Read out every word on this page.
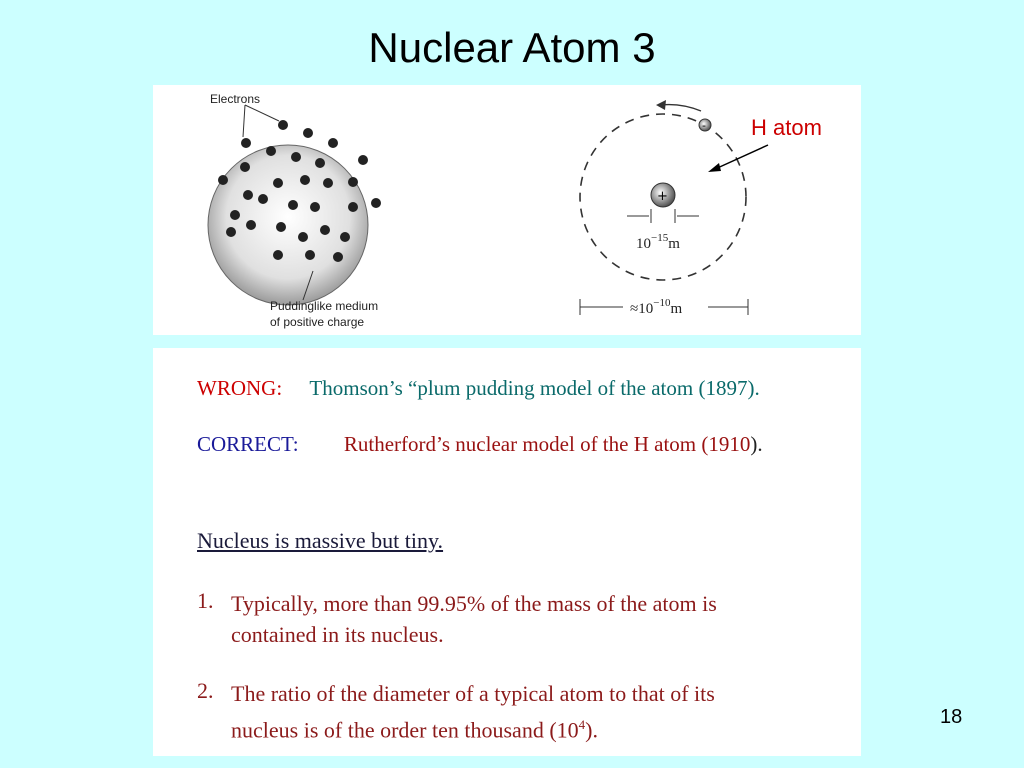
Nuclear Atom 3
Electrons
Puddinglike medium
of positive charge
-
+
$10^{-15}m$
$\approx 10^{-10}m$
H atom
WRONG: Thomson’s “plum pudding model of the atom (1897).
CORRECT: Rutherford’s nuclear model of the H atom (1910).
Nucleus is massive but tiny.
1. Typically, more than 99.95% of the mass of the atom is
contained in its nucleus.
2. The ratio of the diameter of a typical atom to that of its
nucleus is of the order ten thousand $(10^4)$.
18
